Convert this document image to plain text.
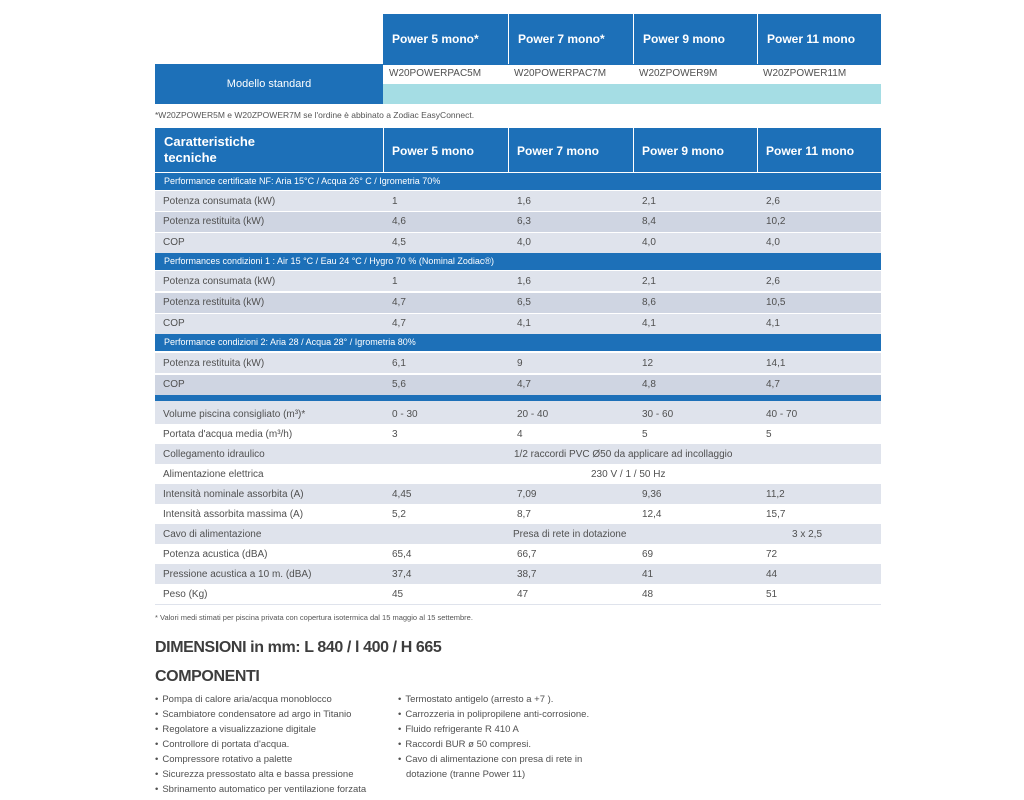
Power 5 mono*	Power 7 mono*	Power 9 mono	Power 11 mono
Modello standard
W20POWERPAC5M	W20POWERPAC7M	W20ZPOWER9M	W20ZPOWER11M
*W20ZPOWER5M e W20ZPOWER7M se l'ordine è abbinato a Zodiac EasyConnect.
Caratteristiche
tecniche	Power 5 mono	Power 7 mono	Power 9 mono	Power 11 mono
Performance certificate NF: Aria 15°C / Acqua 26° C / Igrometria 70%
Potenza consumata (kW)	1	1,6	2,1	2,6
Potenza restituita (kW)	4,6	6,3	8,4	10,2
COP	4,5	4,0	4,0	4,0
Performances condizioni 1 : Air 15 °C / Eau 24 °C / Hygro 70 % (Nominal Zodiac®)
Potenza consumata (kW)	1	1,6	2,1	2,6
Potenza restituita (kW)	4,7	6,5	8,6	10,5
COP	4,7	4,1	4,1	4,1
Performance condizioni 2: Aria 28 / Acqua 28° / Igrometria 80%
Potenza restituita (kW)	6,1	9	12	14,1
COP	5,6	4,7	4,8	4,7
Volume piscina consigliato (m³)*	0 - 30	20 - 40	30 - 60	40 - 70
Portata d'acqua media (m³/h)	3	4	5	5
Collegamento idraulico	1/2 raccordi PVC Ø50 da applicare ad incollaggio
Alimentazione elettrica	230 V / 1 / 50 Hz
Intensità nominale assorbita (A)	4,45	7,09	9,36	11,2
Intensità assorbita massima (A)	5,2	8,7	12,4	15,7
Cavo di alimentazione	Presa di rete in dotazione	3 x 2,5
Potenza acustica (dBA)	65,4	66,7	69	72
Pressione acustica a 10 m. (dBA)	37,4	38,7	41	44
Peso (Kg)	45	47	48	51
* Valori medi stimati per piscina privata con copertura isotermica dal 15 maggio al 15 settembre.
DIMENSIONI in mm: L 840 / l 400 / H 665
COMPONENTI
• Pompa di calore aria/acqua monoblocco
• Scambiatore condensatore ad argo in Titanio
• Regolatore a visualizzazione digitale
• Controllore di portata d'acqua.
• Compressore rotativo a palette
• Sicurezza pressostato alta e bassa pressione
• Sbrinamento automatico per ventilazione forzata
• Termostato antigelo (arresto a +7 ).
• Carrozzeria in polipropilene anti-corrosione.
• Fluido refrigerante R 410 A
• Raccordi BUR ø 50 compresi.
• Cavo di alimentazione con presa di rete in
dotazione (tranne Power 11)
